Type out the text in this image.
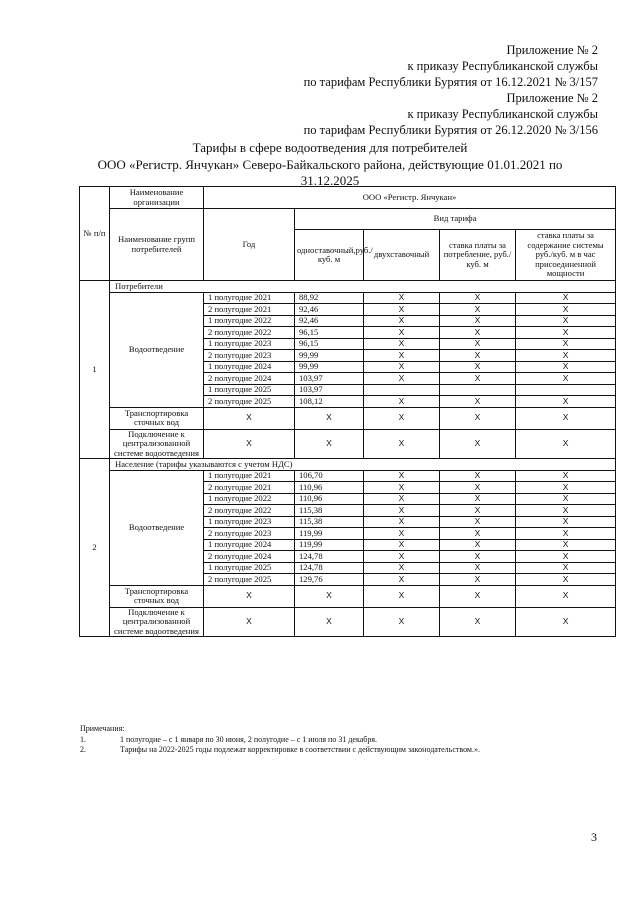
Приложение № 2
к приказу Республиканской службы
по тарифам Республики Бурятия от 16.12.2021 № 3/157
Приложение № 2
к приказу Республиканской службы
по тарифам Республики Бурятия от 26.12.2020 № 3/156
Тарифы в сфере водоотведения для потребителей
ООО «Регистр. Янчукан» Северо-Байкальского района, действующие 01.01.2021 по
31.12.2025
№ п/п	Наименование организации	ООО «Регистр. Янчукан»				
	Наименование групп потребителей	Год	Вид тарифа			
			одноставочный,руб./ куб. м	двухставочный	ставка платы за потребление, руб./ куб. м	ставка платы за содержание системы руб./куб. м в час присоединенной мощности
1	Потребители					
	Водоотведение	1 полугодие 2021	88,92	X	X	X
		2 полугодие 2021	92,46	X	X	X
		1 полугодие 2022	92,46	X	X	X
		2 полугодие 2022	96,15	X	X	X
		1 полугодие 2023	96,15	X	X	X
		2 полугодие 2023	99,99	X	X	X
		1 полугодие 2024	99,99	X	X	X
		2 полугодие 2024	103,97	X	X	X
		1 полугодие 2025	103,97			
		2 полугодие 2025	108,12	X	X	X
	Транспортировка сточных вод	X	X	X	X	X
	Подключение к централизованной системе водоотведения	X	X	X	X	X
2	Население (тарифы указываются с учетом НДС)					
	Водоотведение	1 полугодие 2021	106,70	X	X	X
		2 полугодие 2021	110,96	X	X	X
		1 полугодие 2022	110,96	X	X	X
		2 полугодие 2022	115,38	X	X	X
		1 полугодие 2023	115,38	X	X	X
		2 полугодие 2023	119,99	X	X	X
		1 полугодие 2024	119,99	X	X	X
		2 полугодие 2024	124,78	X	X	X
		1 полугодие 2025	124,78	X	X	X
		2 полугодие 2025	129,76	X	X	X
	Транспортировка сточных вод	X	X	X	X	X
	Подключение к централизованной системе водоотведения	X	X	X	X	X
Примечания:
1.	1 полугодие – с 1 января по 30 июня, 2 полугодие – с 1 июля по 31 декабря.
2.	Тарифы на 2022-2025 годы подлежат корректировке в соответствии с действующим законодательством.».
3
